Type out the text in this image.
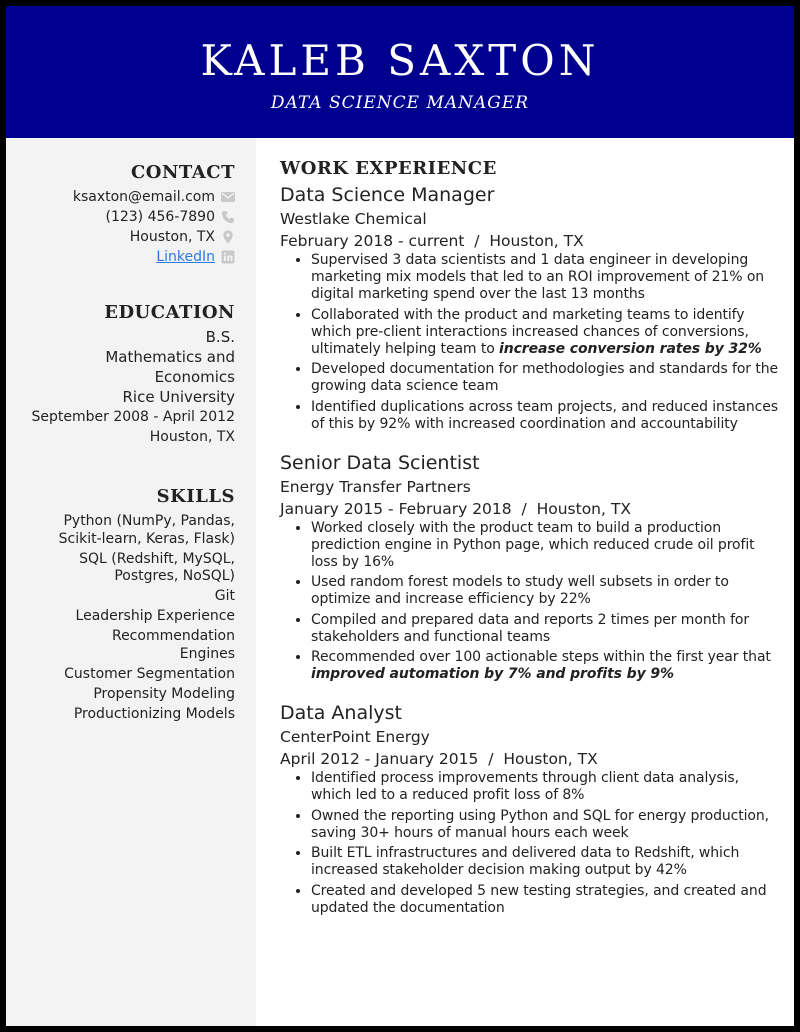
KALEB SAXTON
DATA SCIENCE MANAGER
CONTACT
ksaxton@email.com
(123) 456-7890
Houston, TX
LinkedIn
EDUCATION
B.S.
Mathematics and
Economics
Rice University
September 2008 - April 2012
Houston, TX
SKILLS
Python (NumPy, Pandas,
Scikit-learn, Keras, Flask)
SQL (Redshift, MySQL,
Postgres, NoSQL)
Git
Leadership Experience
Recommendation
Engines
Customer Segmentation
Propensity Modeling
Productionizing Models
WORK EXPERIENCE
Data Science Manager
Westlake Chemical
February 2018 - current  /  Houston, TX
• Supervised 3 data scientists and 1 data engineer in developing marketing mix models that led to an ROI improvement of 21% on digital marketing spend over the last 13 months
• Collaborated with the product and marketing teams to identify which pre-client interactions increased chances of conversions, ultimately helping team to increase conversion rates by 32%
• Developed documentation for methodologies and standards for the growing data science team
• Identified duplications across team projects, and reduced instances of this by 92% with increased coordination and accountability
Senior Data Scientist
Energy Transfer Partners
January 2015 - February 2018  /  Houston, TX
• Worked closely with the product team to build a production prediction engine in Python page, which reduced crude oil profit loss by 16%
• Used random forest models to study well subsets in order to optimize and increase efficiency by 22%
• Compiled and prepared data and reports 2 times per month for stakeholders and functional teams
• Recommended over 100 actionable steps within the first year that improved automation by 7% and profits by 9%
Data Analyst
CenterPoint Energy
April 2012 - January 2015  /  Houston, TX
• Identified process improvements through client data analysis, which led to a reduced profit loss of 8%
• Owned the reporting using Python and SQL for energy production, saving 30+ hours of manual hours each week
• Built ETL infrastructures and delivered data to Redshift, which increased stakeholder decision making output by 42%
• Created and developed 5 new testing strategies, and created and updated the documentation
